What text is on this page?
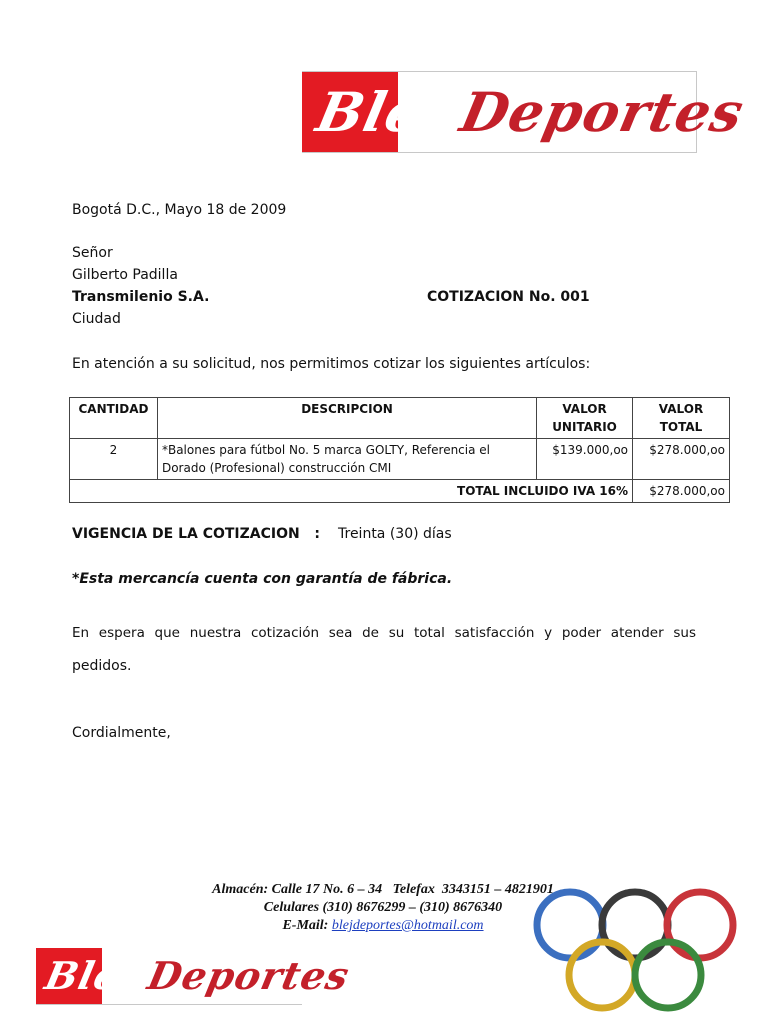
Blej Deportes
Bogotá D.C., Mayo 18 de 2009
Señor
Gilberto Padilla
Transmilenio S.A.	COTIZACION No. 001
Ciudad
En atención a su solicitud, nos permitimos cotizar los siguientes artículos:
CANTIDAD	DESCRIPCION	VALOR UNITARIO	VALOR TOTAL
2	*Balones para fútbol No. 5 marca GOLTY, Referencia el Dorado (Profesional) construcción CMI	$139.000,oo	$278.000,oo
TOTAL INCLUIDO IVA 16%			$278.000,oo
VIGENCIA DE LA COTIZACION   : Treinta (30) días
*Esta mercancía cuenta con garantía de fábrica.
En espera que nuestra cotización sea de su total satisfacción y poder atender sus
pedidos.
Cordialmente,
Almacén: Calle 17 No. 6 – 34   Telefax  3343151 – 4821901
Celulares (310) 8676299 – (310) 8676340
E-Mail: blejdeportes@hotmail.com
Blej Deportes
